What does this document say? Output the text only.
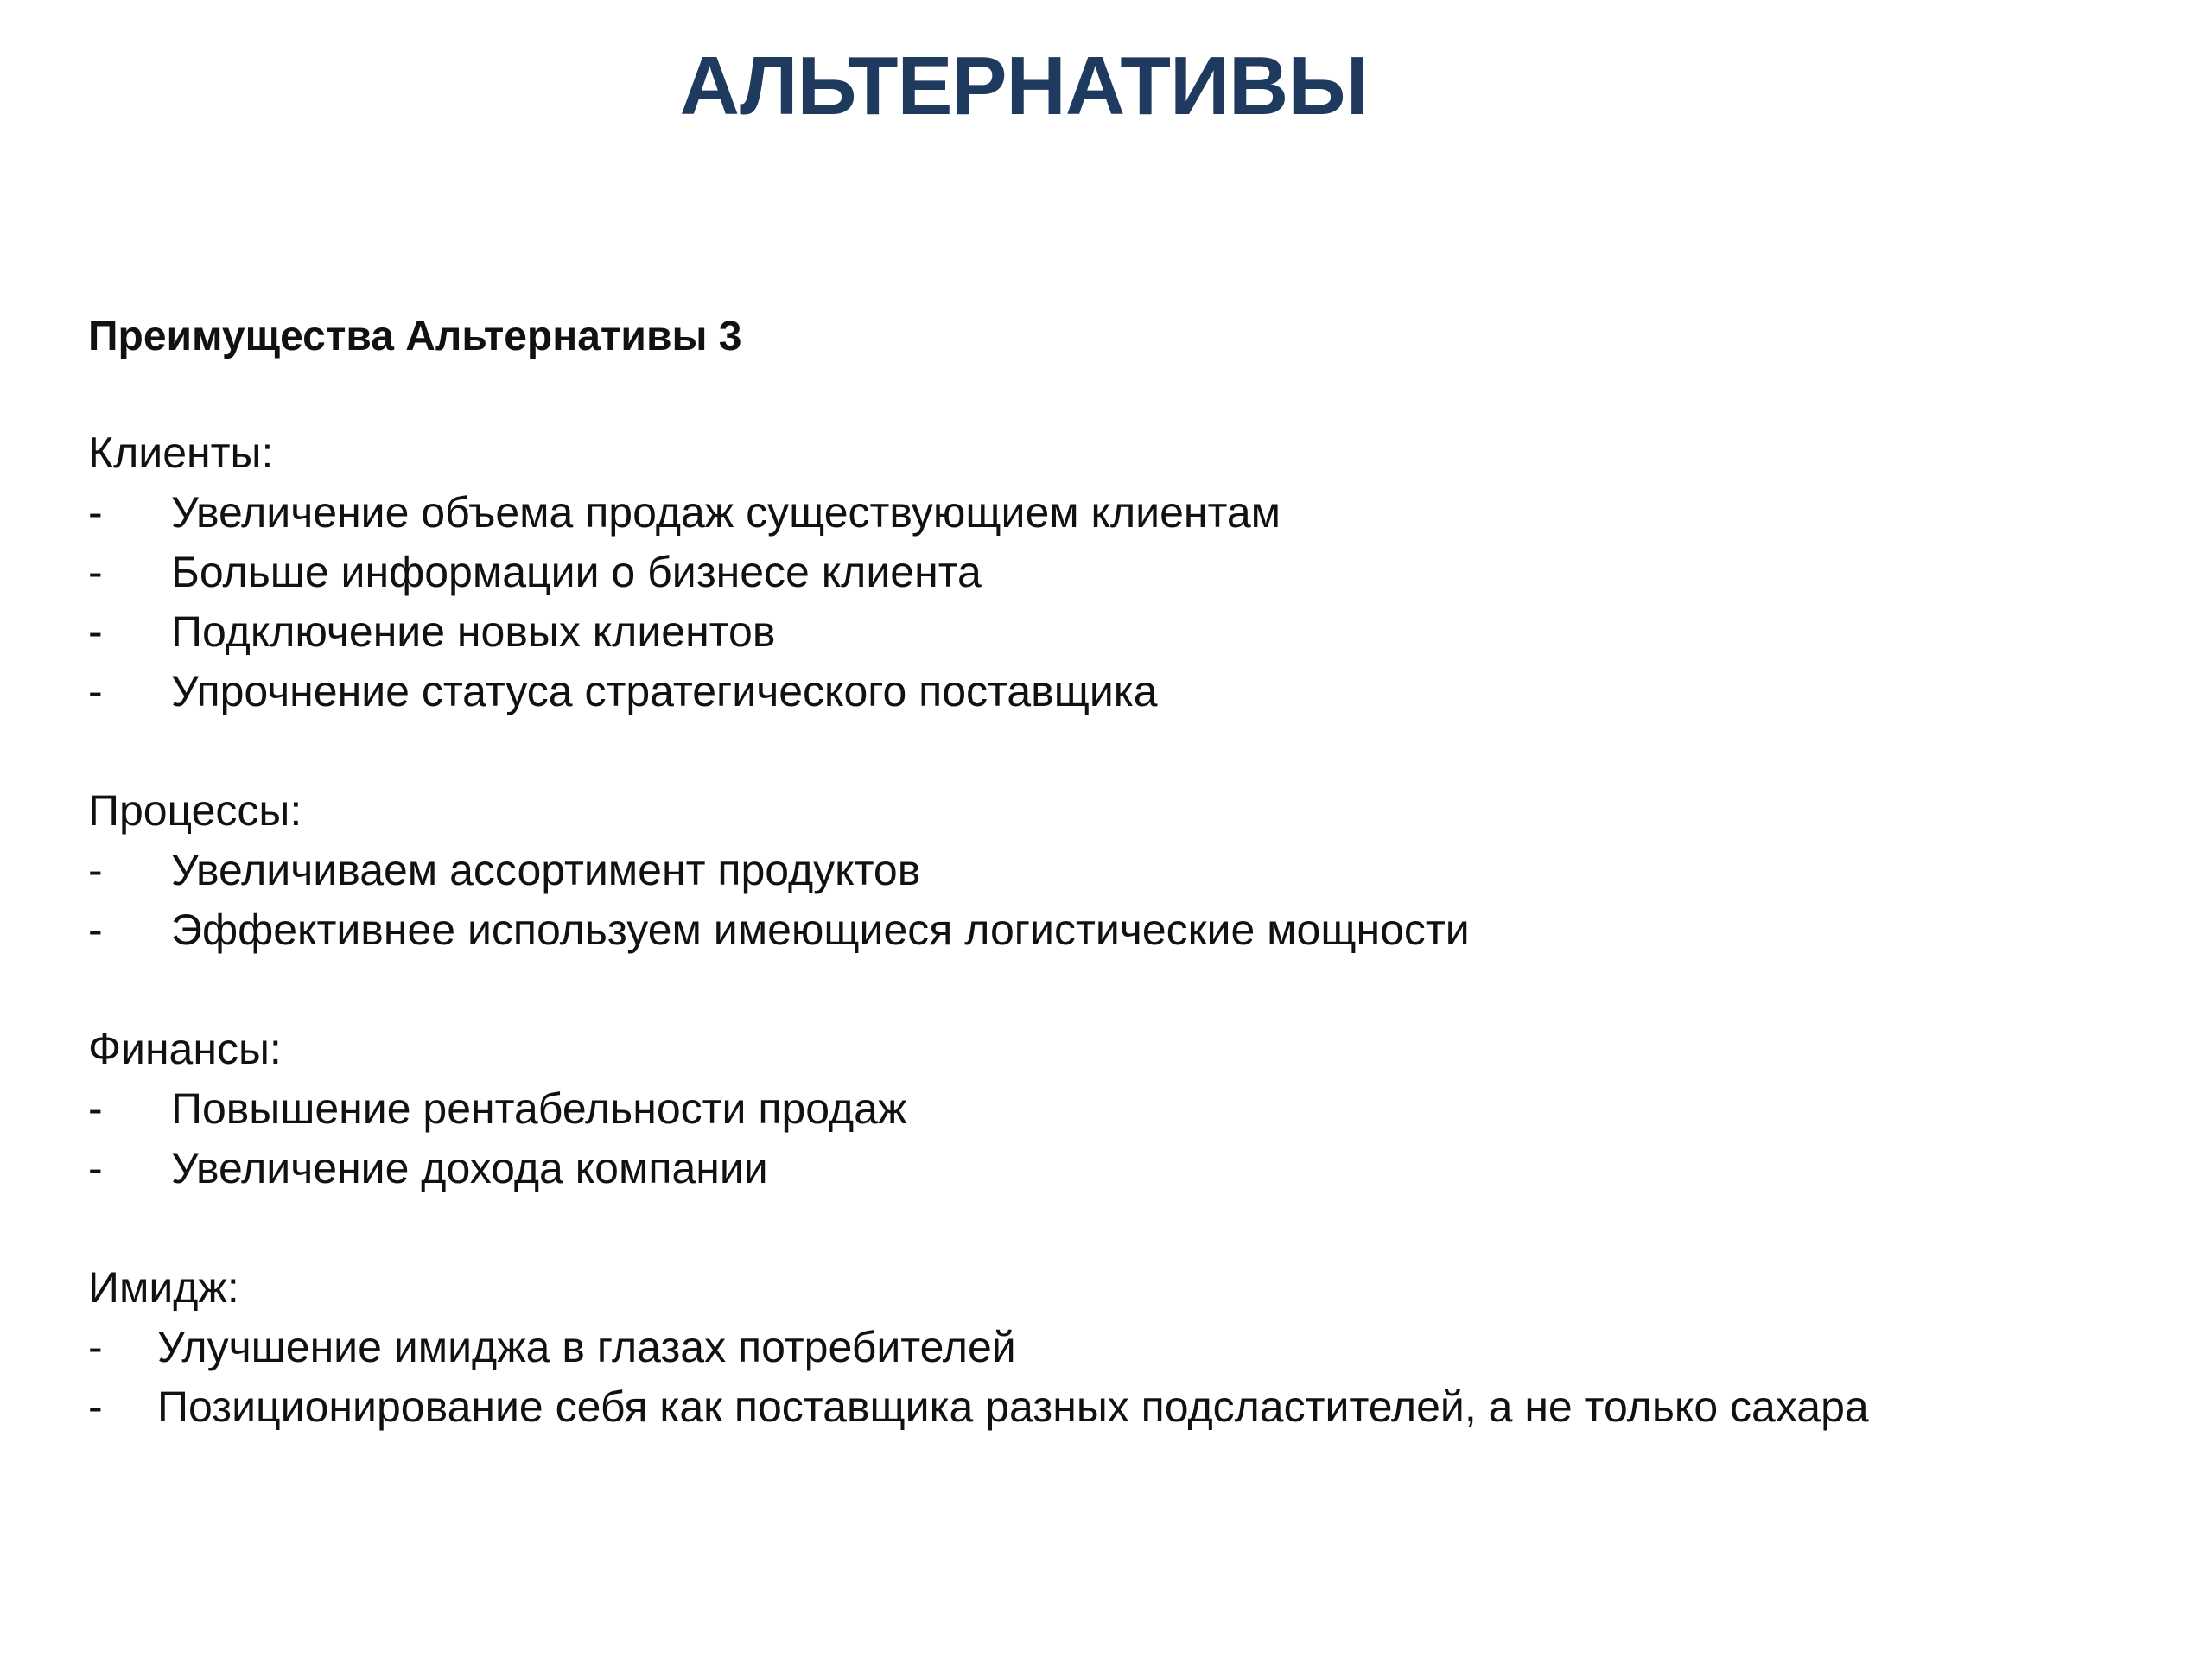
АЛЬТЕРНАТИВЫ

Преимущества Альтернативы 3

Клиенты:

- Увеличение объема продаж существующием клиентам
- Больше информации о бизнесе клиента
- Подключение новых клиентов
- Упрочнение статуса стратегического поставщика

Процессы:

- Увеличиваем ассортимент продуктов
- Эффективнее используем имеющиеся логистические мощности

Финансы:

- Повышение рентабельности продаж
- Увеличение дохода компании

Имидж:

- Улучшение имиджа в глазах потребителей
- Позиционирование себя как поставщика разных подсластителей, а не только сахара
